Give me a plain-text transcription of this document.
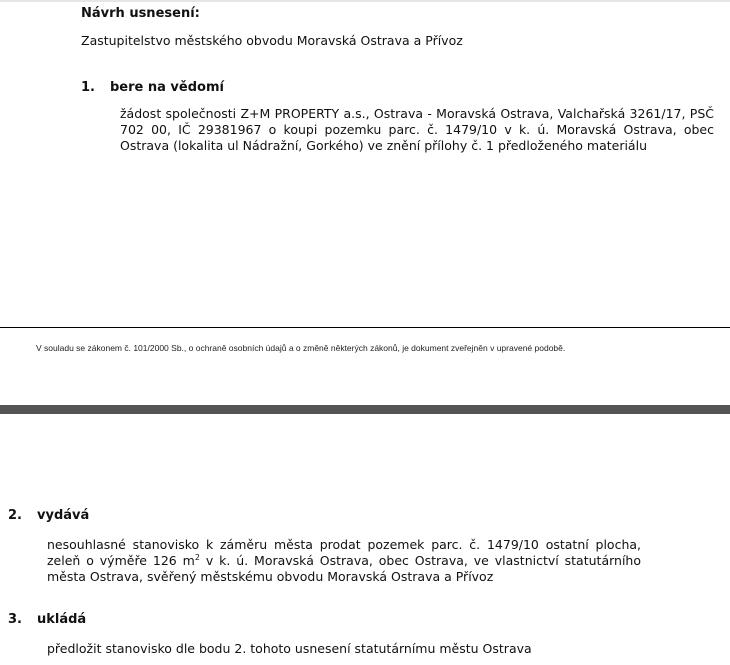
Návrh usnesení:
Zastupitelstvo městského obvodu Moravská Ostrava a Přívoz
1. bere na vědomí
žádost společnosti Z+M PROPERTY a.s., Ostrava - Moravská Ostrava, Valchařská 3261/17, PSČ 702 00, IČ 29381967 o koupi pozemku parc. č. 1479/10 v k. ú. Moravská Ostrava, obec Ostrava (lokalita ul Nádražní, Gorkého) ve znění přílohy č. 1 předloženého materiálu
V souladu se zákonem č. 101/2000 Sb., o ochraně osobních údajů a o změně některých zákonů, je dokument zveřejněn v upravené podobě.
2. vydává
nesouhlasné stanovisko k záměru města prodat pozemek parc. č. 1479/10 ostatní plocha, zeleň o výměře 126 $m^2$ v k. ú. Moravská Ostrava, obec Ostrava, ve vlastnictví statutárního města Ostrava, svěřený městskému obvodu Moravská Ostrava a Přívoz
3. ukládá
předložit stanovisko dle bodu 2. tohoto usnesení statutárnímu městu Ostrava
